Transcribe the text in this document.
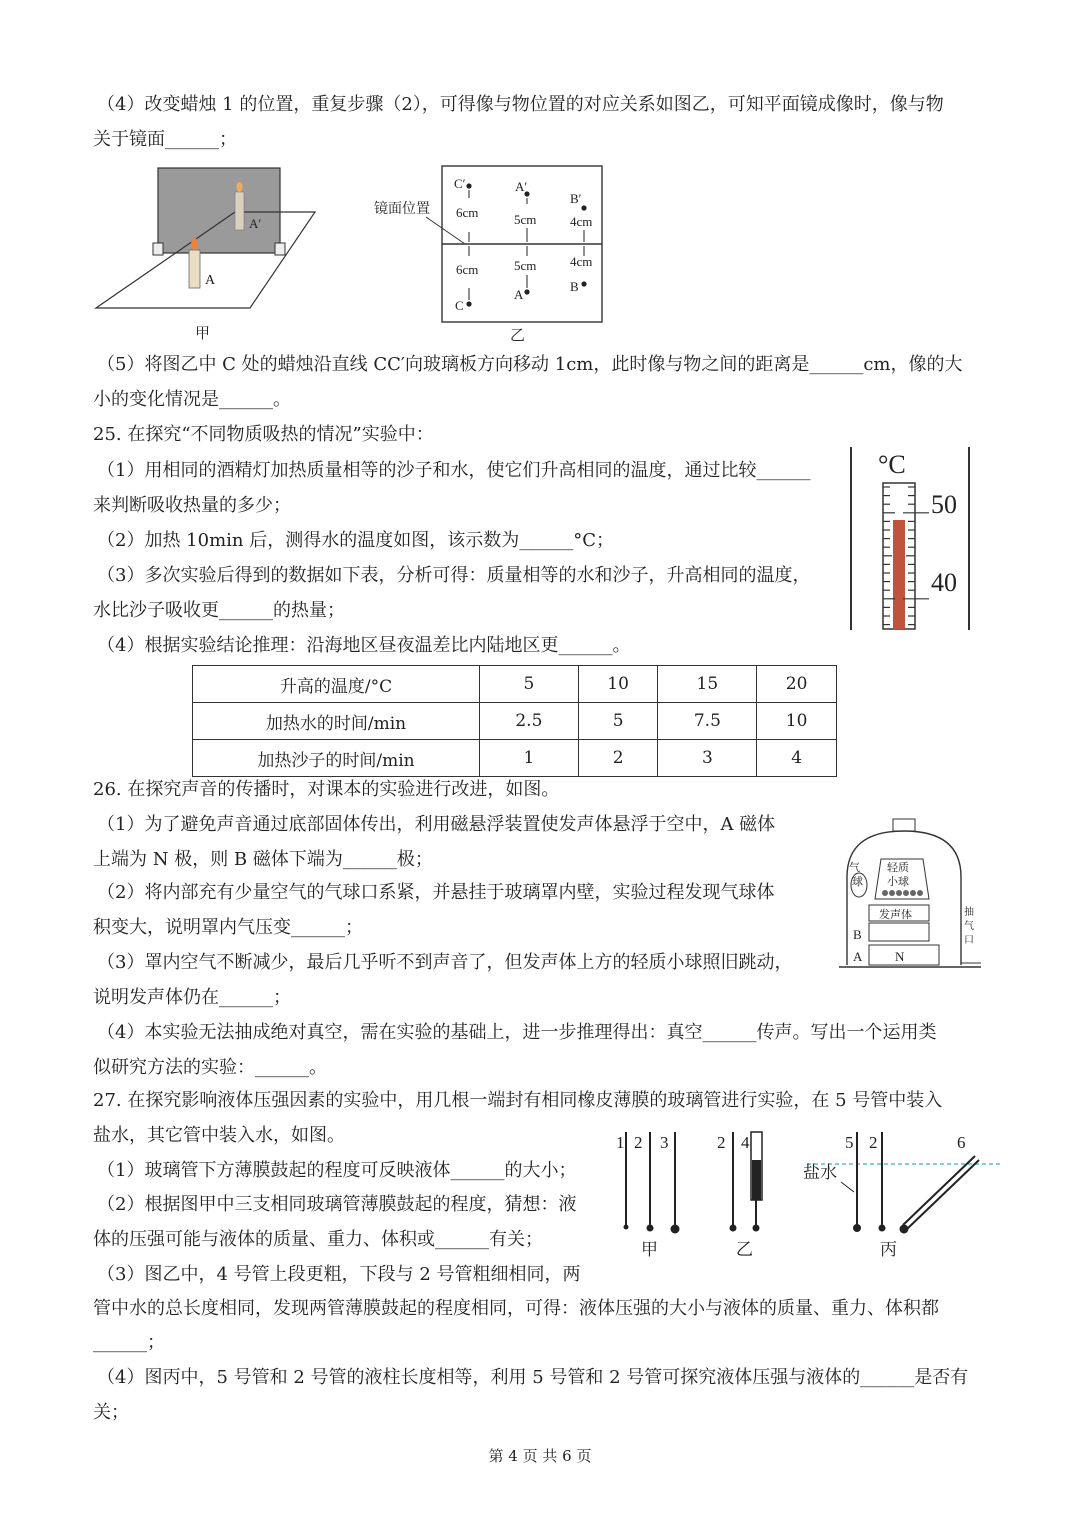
（4）改变蜡烛 1 的位置，重复步骤（2），可得像与物位置的对应关系如图乙，可知平面镜成像时，像与物
关于镜面______；
A′
A
甲
镜面位置
C′
6cm
6cm
C
A′
5cm
5cm
A
B′
4cm
4cm
B
乙
（5）将图乙中 C 处的蜡烛沿直线 CC′向玻璃板方向移动 1cm，此时像与物之间的距离是______cm，像的大
小的变化情况是______。
25. 在探究“不同物质吸热的情况”实验中：
（1）用相同的酒精灯加热质量相等的沙子和水，使它们升高相同的温度，通过比较______
来判断吸收热量的多少；
（2）加热 10min 后，测得水的温度如图，该示数为______°C；
（3）多次实验后得到的数据如下表，分析可得：质量相等的水和沙子，升高相同的温度，
水比沙子吸收更______的热量；
（4）根据实验结论推理：沿海地区昼夜温差比内陆地区更______。
°C
50
40
升高的温度/°C	5	10	15	20
加热水的时间/min	2.5	5	7.5	10
加热沙子的时间/min	1	2	3	4
26. 在探究声音的传播时，对课本的实验进行改进，如图。
（1）为了避免声音通过底部固体传出，利用磁悬浮装置使发声体悬浮于空中，A 磁体
上端为 N 极，则 B 磁体下端为______极；
（2）将内部充有少量空气的气球口系紧，并悬挂于玻璃罩内壁，实验过程发现气球体
积变大，说明罩内气压变______；
（3）罩内空气不断减少，最后几乎听不到声音了，但发声体上方的轻质小球照旧跳动，
说明发声体仍在______；
（4）本实验无法抽成绝对真空，需在实验的基础上，进一步推理得出：真空______传声。写出一个运用类
似研究方法的实验：______。
气
球
轻质
小球
发声体
B
A	N
抽
气
口
27. 在探究影响液体压强因素的实验中，用几根一端封有相同橡皮薄膜的玻璃管进行实验，在 5 号管中装入
盐水，其它管中装入水，如图。
（1）玻璃管下方薄膜鼓起的程度可反映液体______的大小；
（2）根据图甲中三支相同玻璃管薄膜鼓起的程度，猜想：液
体的压强可能与液体的质量、重力、体积或______有关；
（3）图乙中，4 号管上段更粗，下段与 2 号管粗细相同，两
管中水的总长度相同，发现两管薄膜鼓起的程度相同，可得：液体压强的大小与液体的质量、重力、体积都
______；
（4）图丙中，5 号管和 2 号管的液柱长度相等，利用 5 号管和 2 号管可探究液体压强与液体的______是否有
关；
1 2 3
甲
2 4
乙
5 2	6
盐水
丙
第 4 页 共 6 页
